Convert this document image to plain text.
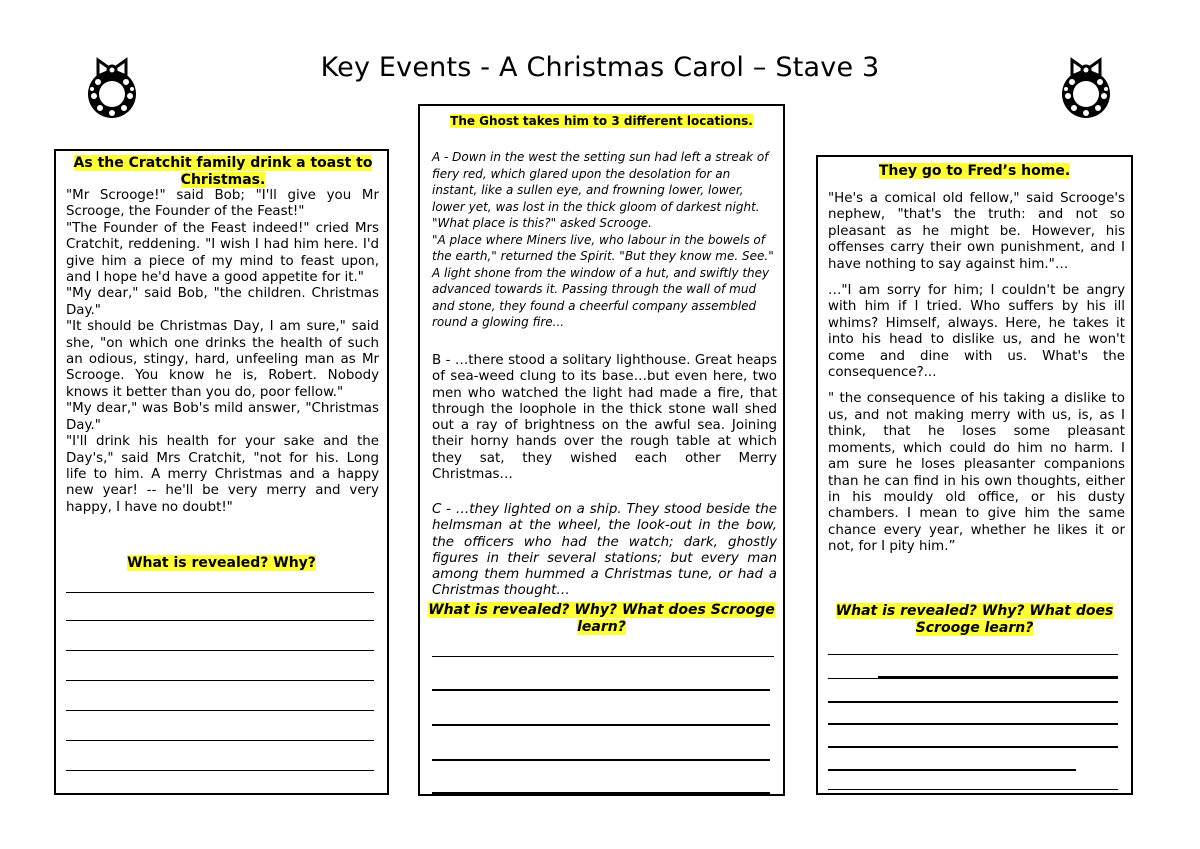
Key Events - A Christmas Carol – Stave 3
As the Cratchit family drink a toast to Christmas.

"Mr Scrooge!" said Bob; "I'll give you Mr Scrooge, the Founder of the Feast!"

"The Founder of the Feast indeed!" cried Mrs Cratchit, reddening. "I wish I had him here. I'd give him a piece of my mind to feast upon, and I hope he'd have a good appetite for it."

"My dear," said Bob, "the children. Christmas Day."

"It should be Christmas Day, I am sure," said she, "on which one drinks the health of such an odious, stingy, hard, unfeeling man as Mr Scrooge. You know he is, Robert. Nobody knows it better than you do, poor fellow."

"My dear," was Bob's mild answer, "Christmas Day."

"I'll drink his health for your sake and the Day's," said Mrs Cratchit, "not for his. Long life to him. A merry Christmas and a happy new year! -- he'll be very merry and very happy, I have no doubt!"

What is revealed? Why?
The Ghost takes him to 3 different locations.

A - Down in the west the setting sun had left a streak of fiery red, which glared upon the desolation for an instant, like a sullen eye, and frowning lower, lower, lower yet, was lost in the thick gloom of darkest night.

"What place is this?" asked Scrooge.

"A place where Miners live, who labour in the bowels of the earth," returned the Spirit. "But they know me. See."

A light shone from the window of a hut, and swiftly they advanced towards it. Passing through the wall of mud and stone, they found a cheerful company assembled round a glowing fire...

B - …there stood a solitary lighthouse. Great heaps of sea-weed clung to its base…but even here, two men who watched the light had made a fire, that through the loophole in the thick stone wall shed out a ray of brightness on the awful sea. Joining their horny hands over the rough table at which they sat, they wished each other Merry Christmas…
C - …they lighted on a ship. They stood beside the helmsman at the wheel, the look-out in the bow, the officers who had the watch; dark, ghostly figures in their several stations; but every man among them hummed a Christmas tune, or had a Christmas thought…
What is revealed? Why? What does Scrooge learn?
They go to Fred’s home.

"He's a comical old fellow," said Scrooge's nephew, "that's the truth: and not so pleasant as he might be. However, his offenses carry their own punishment, and I have nothing to say against him."…

…"I am sorry for him; I couldn't be angry with him if I tried. Who suffers by his ill whims? Himself, always. Here, he takes it into his head to dislike us, and he won't come and dine with us. What's the consequence?...

" the consequence of his taking a dislike to us, and not making merry with us, is, as I think, that he loses some pleasant moments, which could do him no harm. I am sure he loses pleasanter companions than he can find in his own thoughts, either in his mouldy old office, or his dusty chambers. I mean to give him the same chance every year, whether he likes it or not, for I pity him.”

What is revealed? Why? What does Scrooge learn?
